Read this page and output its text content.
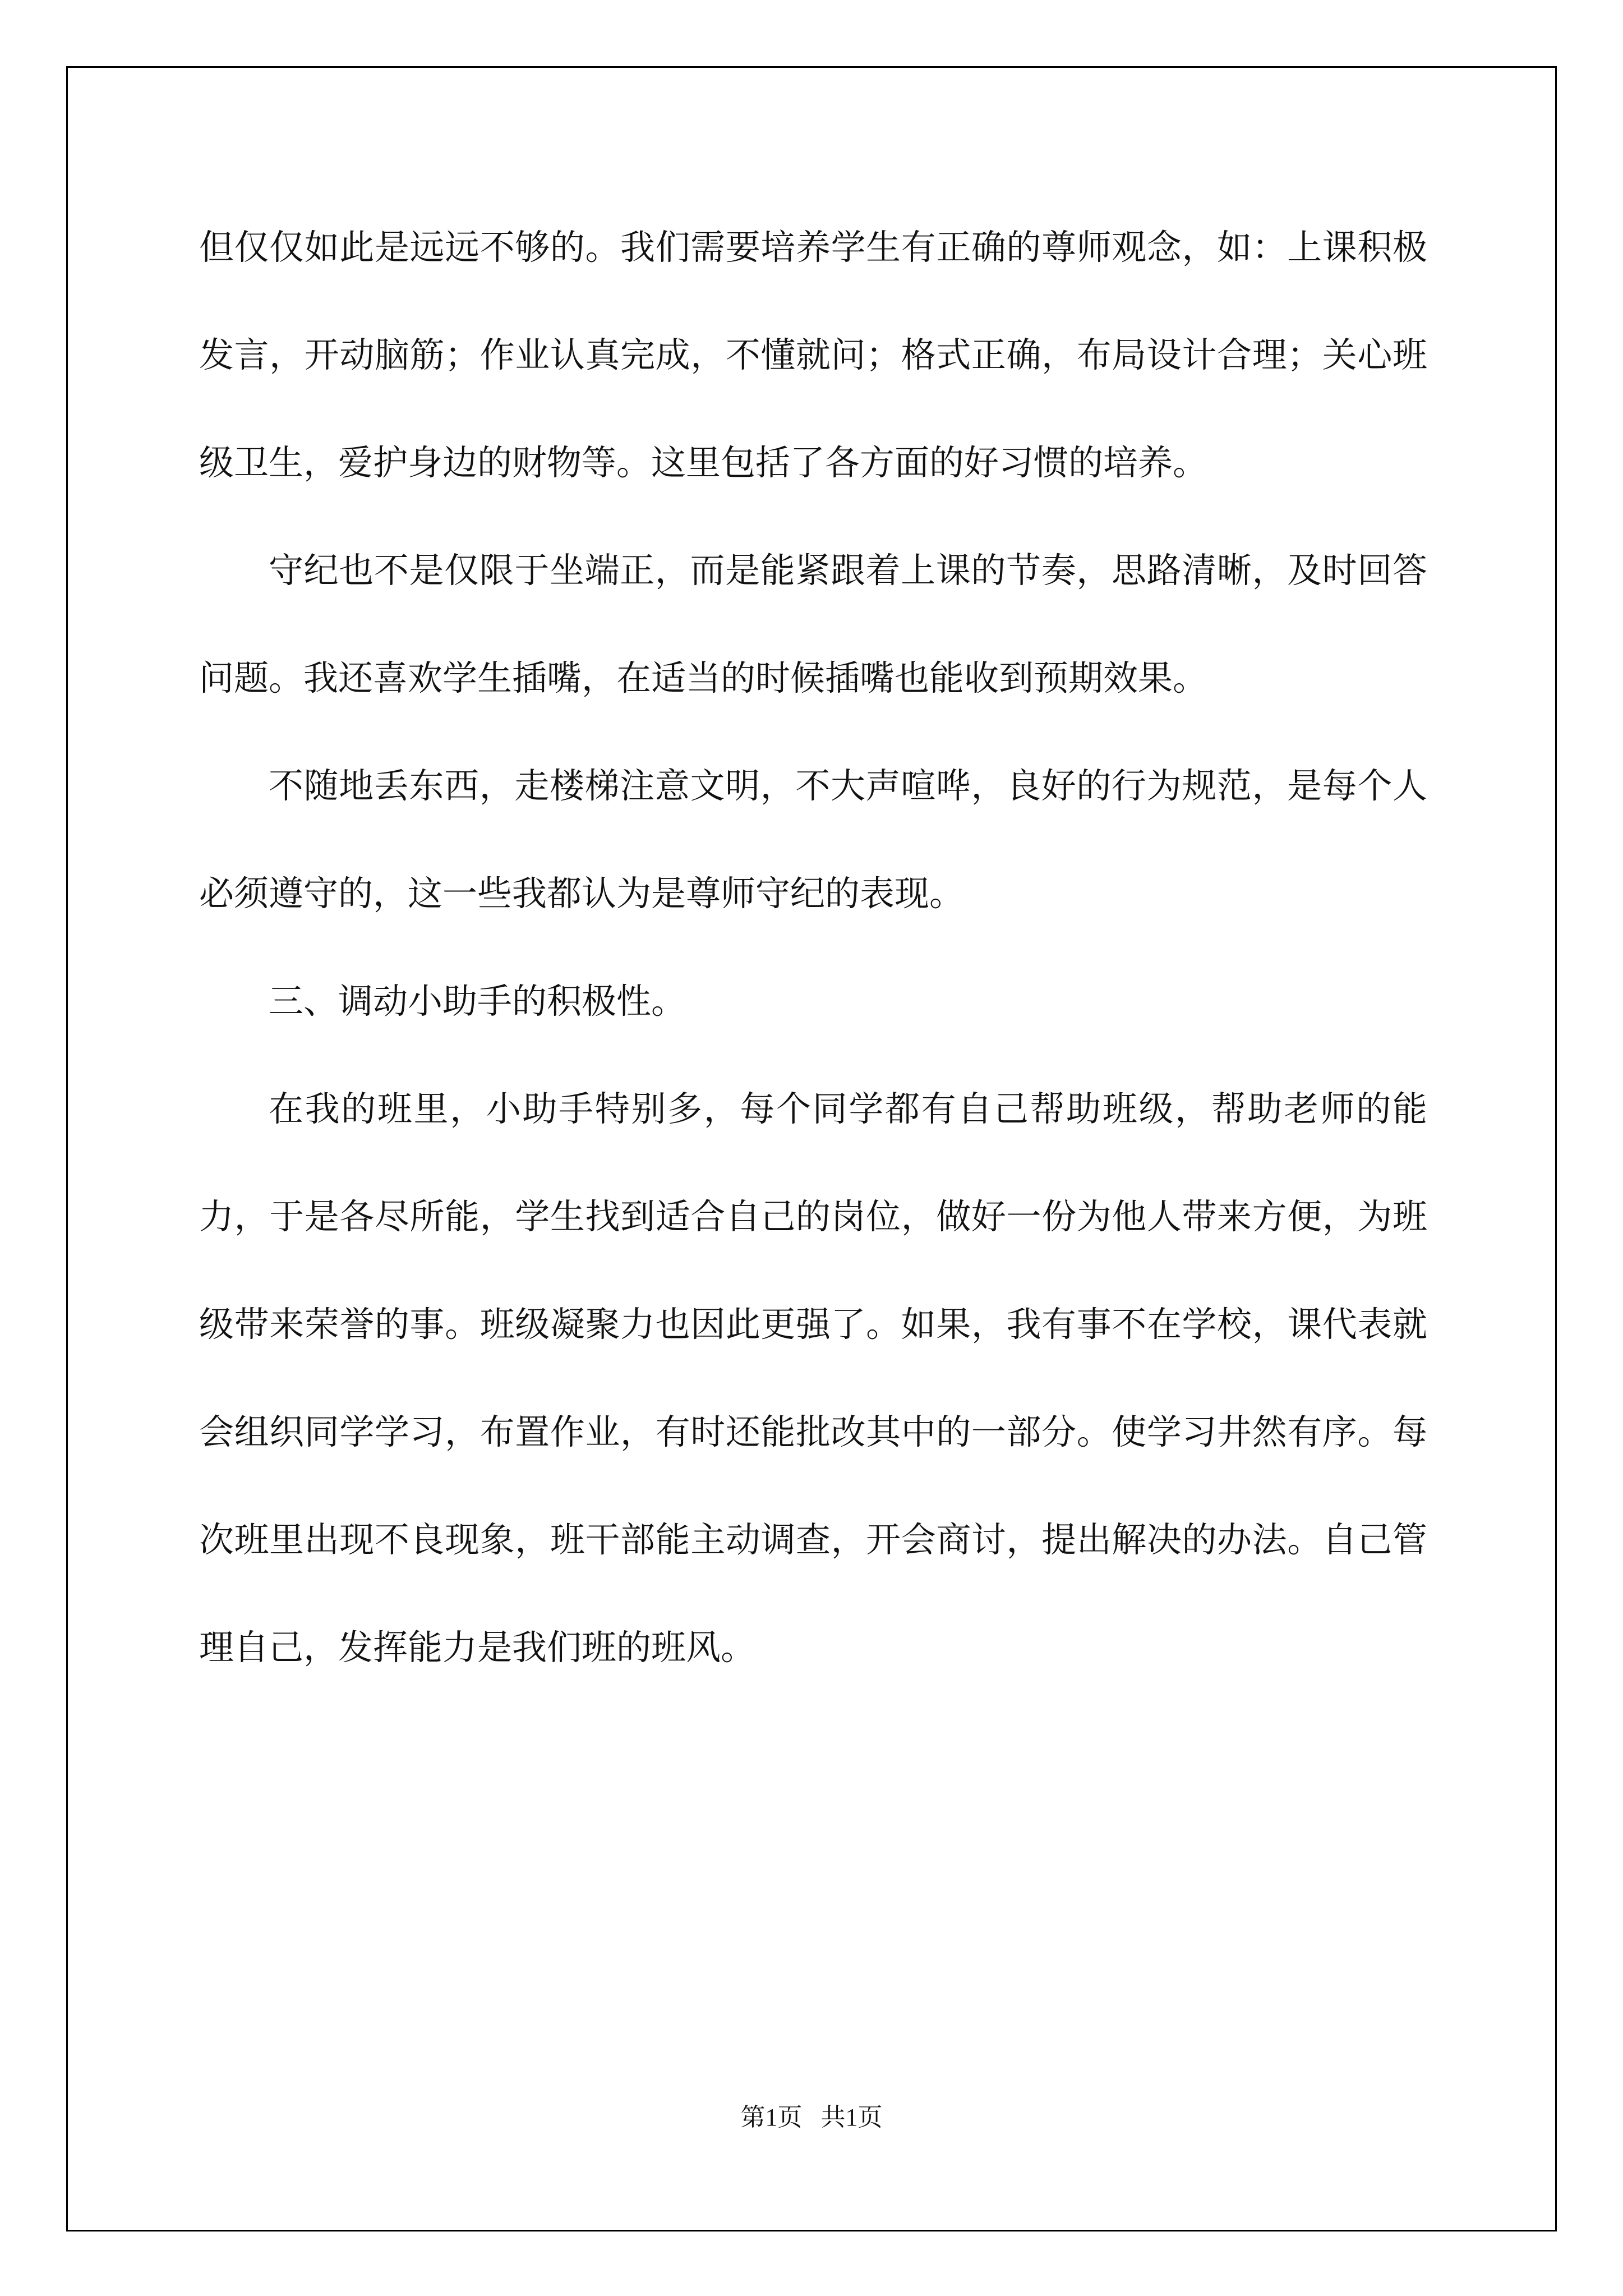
但仅仅如此是远远不够的。我们需要培养学生有正确的尊师观念，如：上课积极发言，开动脑筋；作业认真完成，不懂就问；格式正确，布局设计合理；关心班级卫生，爱护身边的财物等。这里包括了各方面的好习惯的培养。

守纪也不是仅限于坐端正，而是能紧跟着上课的节奏，思路清晰，及时回答问题。我还喜欢学生插嘴，在适当的时候插嘴也能收到预期效果。

不随地丢东西，走楼梯注意文明，不大声喧哗，良好的行为规范，是每个人必须遵守的，这一些我都认为是尊师守纪的表现。

三、调动小助手的积极性。

在我的班里，小助手特别多，每个同学都有自己帮助班级，帮助老师的能力，于是各尽所能，学生找到适合自己的岗位，做好一份为他人带来方便，为班级带来荣誉的事。班级凝聚力也因此更强了。如果，我有事不在学校，课代表就会组织同学学习，布置作业，有时还能批改其中的一部分。使学习井然有序。每次班里出现不良现象，班干部能主动调查，开会商讨，提出解决的办法。自己管理自己，发挥能力是我们班的班风。

第1页   共1页
